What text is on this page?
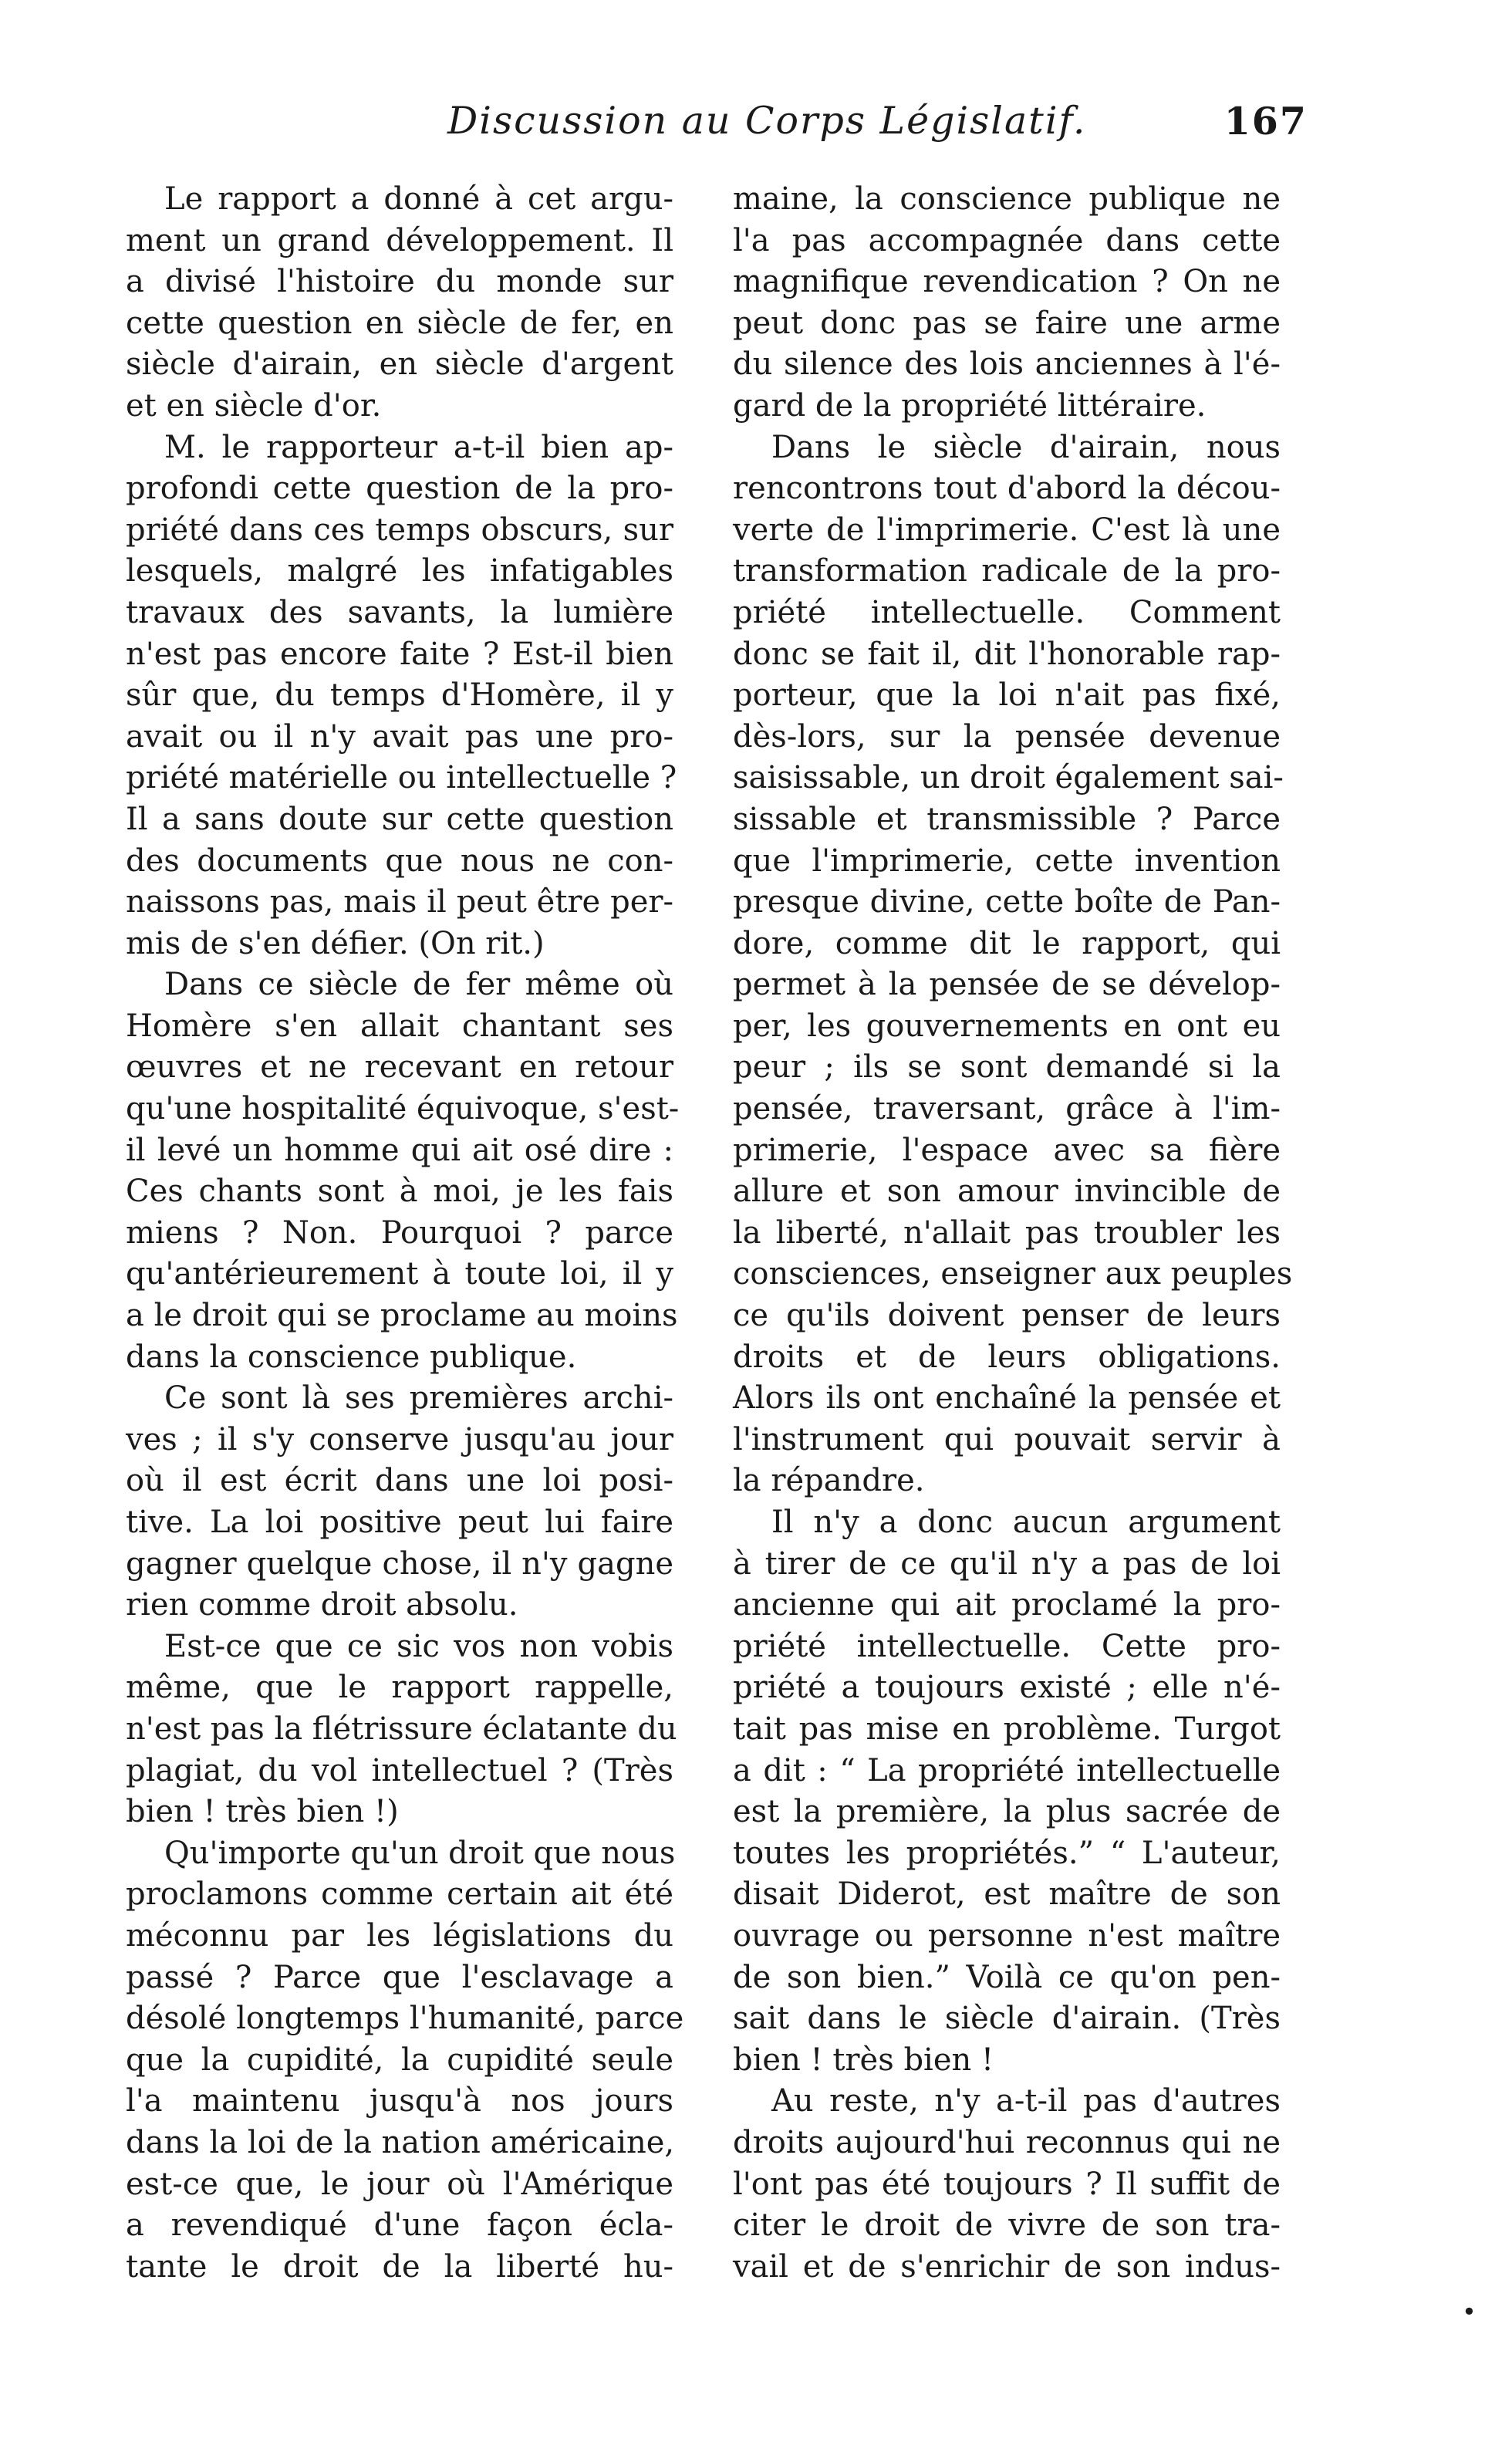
Discussion au Corps Législatif.	167
Le rapport a donné à cet argu-
ment un grand développement. Il
a divisé l'histoire du monde sur
cette question en siècle de fer, en
siècle d'airain, en siècle d'argent
et en siècle d'or.
M. le rapporteur a-t-il bien ap-
profondi cette question de la pro-
priété dans ces temps obscurs, sur
lesquels, malgré les infatigables
travaux des savants, la lumière
n'est pas encore faite ? Est-il bien
sûr que, du temps d'Homère, il y
avait ou il n'y avait pas une pro-
priété matérielle ou intellectuelle ?
Il a sans doute sur cette question
des documents que nous ne con-
naissons pas, mais il peut être per-
mis de s'en défier. (On rit.)
Dans ce siècle de fer même où
Homère s'en allait chantant ses
œuvres et ne recevant en retour
qu'une hospitalité équivoque, s'est-
il levé un homme qui ait osé dire :
Ces chants sont à moi, je les fais
miens ? Non. Pourquoi ? parce
qu'antérieurement à toute loi, il y
a le droit qui se proclame au moins
dans la conscience publique.
Ce sont là ses premières archi-
ves ; il s'y conserve jusqu'au jour
où il est écrit dans une loi posi-
tive. La loi positive peut lui faire
gagner quelque chose, il n'y gagne
rien comme droit absolu.
Est-ce que ce sic vos non vobis
même, que le rapport rappelle,
n'est pas la flétrissure éclatante du
plagiat, du vol intellectuel ? (Très
bien ! très bien !)
Qu'importe qu'un droit que nous
proclamons comme certain ait été
méconnu par les législations du
passé ? Parce que l'esclavage a
désolé longtemps l'humanité, parce
que la cupidité, la cupidité seule
l'a maintenu jusqu'à nos jours
dans la loi de la nation américaine,
est-ce que, le jour où l'Amérique
a revendiqué d'une façon écla-
tante le droit de la liberté hu-
maine, la conscience publique ne
l'a pas accompagnée dans cette
magnifique revendication ? On ne
peut donc pas se faire une arme
du silence des lois anciennes à l'é-
gard de la propriété littéraire.
Dans le siècle d'airain, nous
rencontrons tout d'abord la décou-
verte de l'imprimerie. C'est là une
transformation radicale de la pro-
priété intellectuelle. Comment
donc se fait il, dit l'honorable rap-
porteur, que la loi n'ait pas fixé,
dès-lors, sur la pensée devenue
saisissable, un droit également sai-
sissable et transmissible ? Parce
que l'imprimerie, cette invention
presque divine, cette boîte de Pan-
dore, comme dit le rapport, qui
permet à la pensée de se dévelop-
per, les gouvernements en ont eu
peur ; ils se sont demandé si la
pensée, traversant, grâce à l'im-
primerie, l'espace avec sa fière
allure et son amour invincible de
la liberté, n'allait pas troubler les
consciences, enseigner aux peuples
ce qu'ils doivent penser de leurs
droits et de leurs obligations.
Alors ils ont enchaîné la pensée et
l'instrument qui pouvait servir à
la répandre.
Il n'y a donc aucun argument
à tirer de ce qu'il n'y a pas de loi
ancienne qui ait proclamé la pro-
priété intellectuelle. Cette pro-
priété a toujours existé ; elle n'é-
tait pas mise en problème. Turgot
a dit : “ La propriété intellectuelle
est la première, la plus sacrée de
toutes les propriétés.” “ L'auteur,
disait Diderot, est maître de son
ouvrage ou personne n'est maître
de son bien.” Voilà ce qu'on pen-
sait dans le siècle d'airain. (Très
bien ! très bien !
Au reste, n'y a-t-il pas d'autres
droits aujourd'hui reconnus qui ne
l'ont pas été toujours ? Il suffit de
citer le droit de vivre de son tra-
vail et de s'enrichir de son indus-
•
